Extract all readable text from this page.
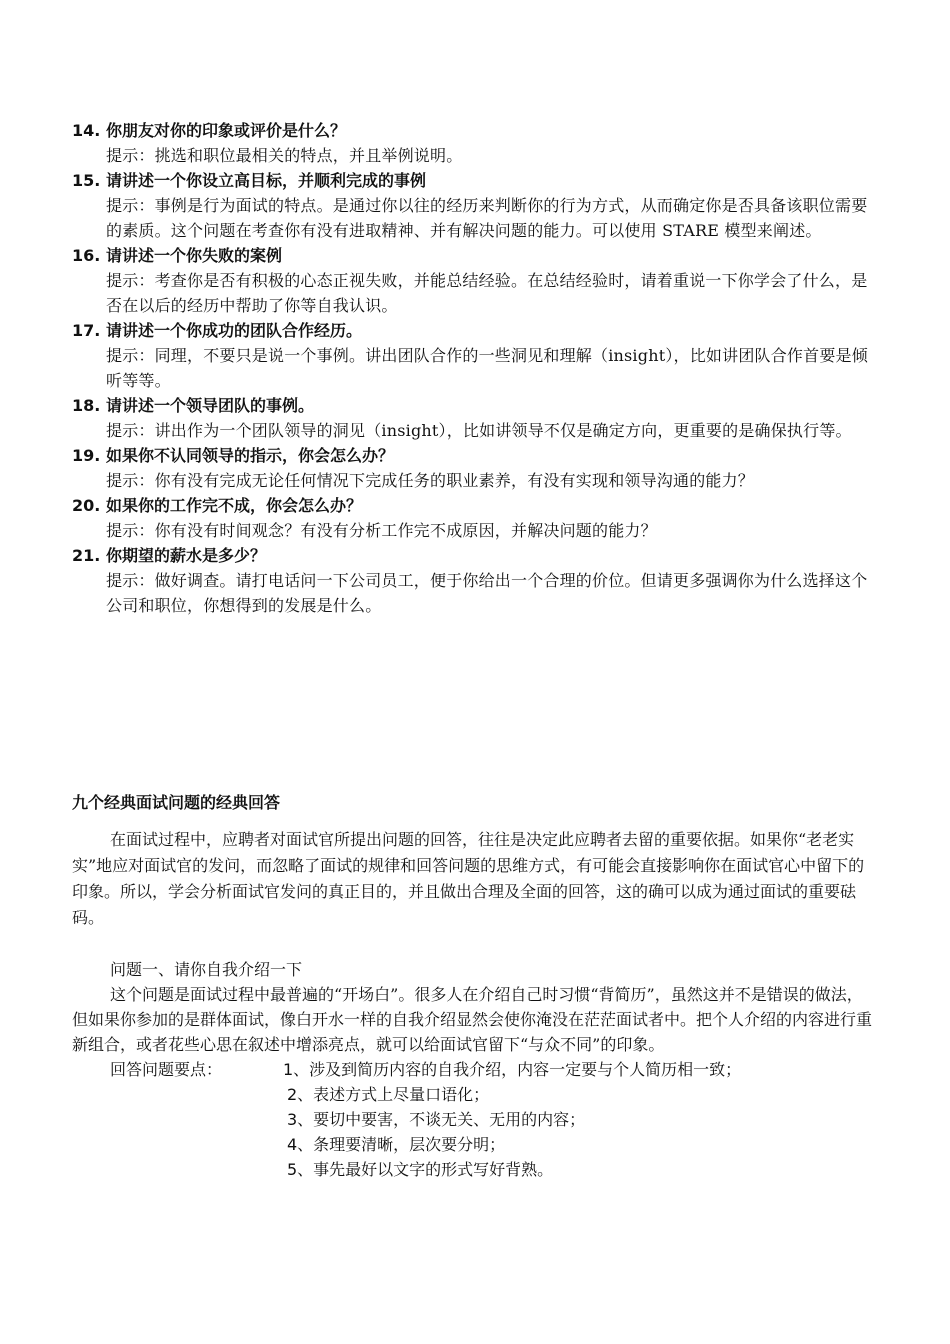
14. 你朋友对你的印象或评价是什么？
提示：挑选和职位最相关的特点，并且举例说明。
15. 请讲述一个你设立高目标，并顺利完成的事例
提示：事例是行为面试的特点。是通过你以往的经历来判断你的行为方式，从而确定你是否具备该职位需要的素质。这个问题在考查你有没有进取精神、并有解决问题的能力。可以使用 STARE 模型来阐述。
16. 请讲述一个你失败的案例
提示：考查你是否有积极的心态正视失败，并能总结经验。在总结经验时，请着重说一下你学会了什么，是否在以后的经历中帮助了你等自我认识。
17. 请讲述一个你成功的团队合作经历。
提示：同理，不要只是说一个事例。讲出团队合作的一些洞见和理解（insight），比如讲团队合作首要是倾听等等。
18. 请讲述一个领导团队的事例。
提示：讲出作为一个团队领导的洞见（insight），比如讲领导不仅是确定方向，更重要的是确保执行等。
19. 如果你不认同领导的指示，你会怎么办？
提示：你有没有完成无论任何情况下完成任务的职业素养，有没有实现和领导沟通的能力？
20. 如果你的工作完不成，你会怎么办？
提示：你有没有时间观念？有没有分析工作完不成原因，并解决问题的能力？
21. 你期望的薪水是多少？
提示：做好调查。请打电话问一下公司员工，便于你给出一个合理的价位。但请更多强调你为什么选择这个公司和职位，你想得到的发展是什么。
九个经典面试问题的经典回答
在面试过程中，应聘者对面试官所提出问题的回答，往往是决定此应聘者去留的重要依据。如果你“老老实实”地应对面试官的发问，而忽略了面试的规律和回答问题的思维方式，有可能会直接影响你在面试官心中留下的印象。所以，学会分析面试官发问的真正目的，并且做出合理及全面的回答，这的确可以成为通过面试的重要砝码。
问题一、请你自我介绍一下
这个问题是面试过程中最普遍的“开场白”。很多人在介绍自己时习惯“背简历”，虽然这并不是错误的做法，但如果你参加的是群体面试，像白开水一样的自我介绍显然会使你淹没在茫茫面试者中。把个人介绍的内容进行重新组合，或者花些心思在叙述中增添亮点，就可以给面试官留下“与众不同”的印象。
回答问题要点：	1、涉及到简历内容的自我介绍，内容一定要与个人简历相一致；
2、表述方式上尽量口语化；
3、要切中要害，不谈无关、无用的内容；
4、条理要清晰，层次要分明；
5、事先最好以文字的形式写好背熟。
